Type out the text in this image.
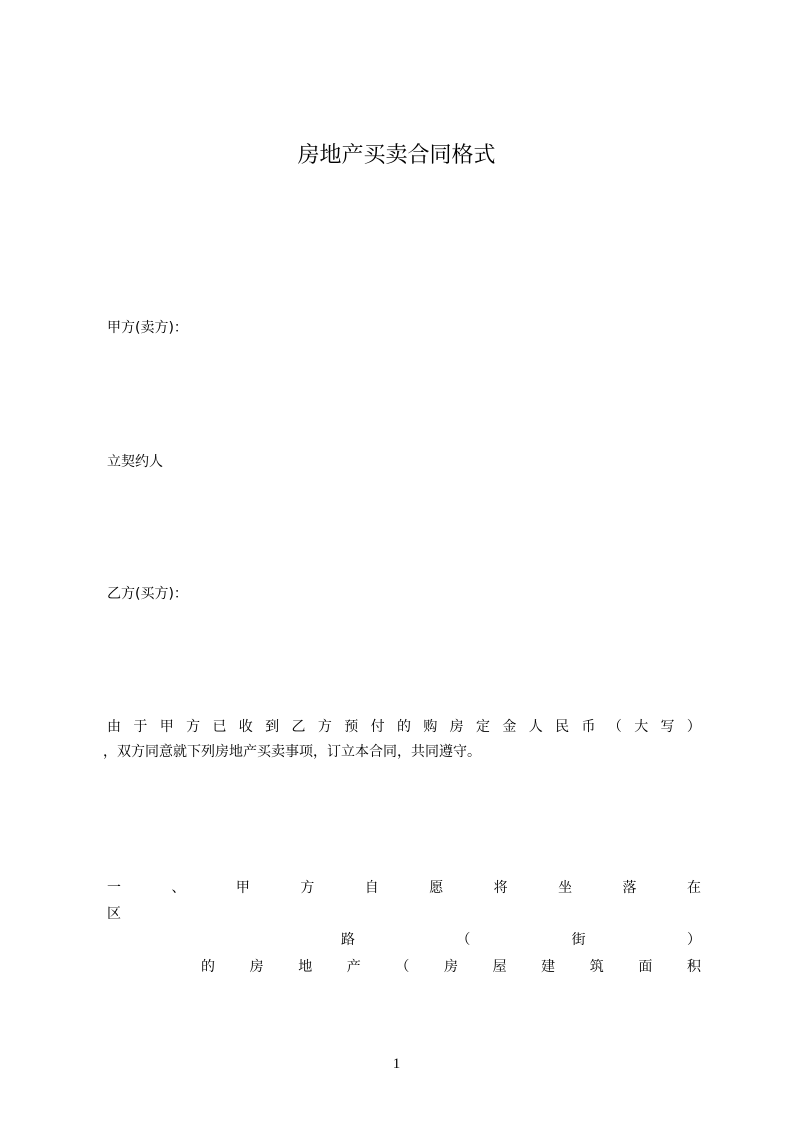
房地产买卖合同格式
甲方(卖方)：
立契约人
乙方(买方)：
由 于 甲 方 已 收 到 乙 方 预 付 的 购 房 定 金 人 民 币 （ 大 写 ）
，双方同意就下列房地产买卖事项，订立本合同，共同遵守。
一	、	甲	方	自	愿	将	坐	落	在
区
路	（	街	）
的 房 地 产 （ 房 屋 建 筑 面 积
1
